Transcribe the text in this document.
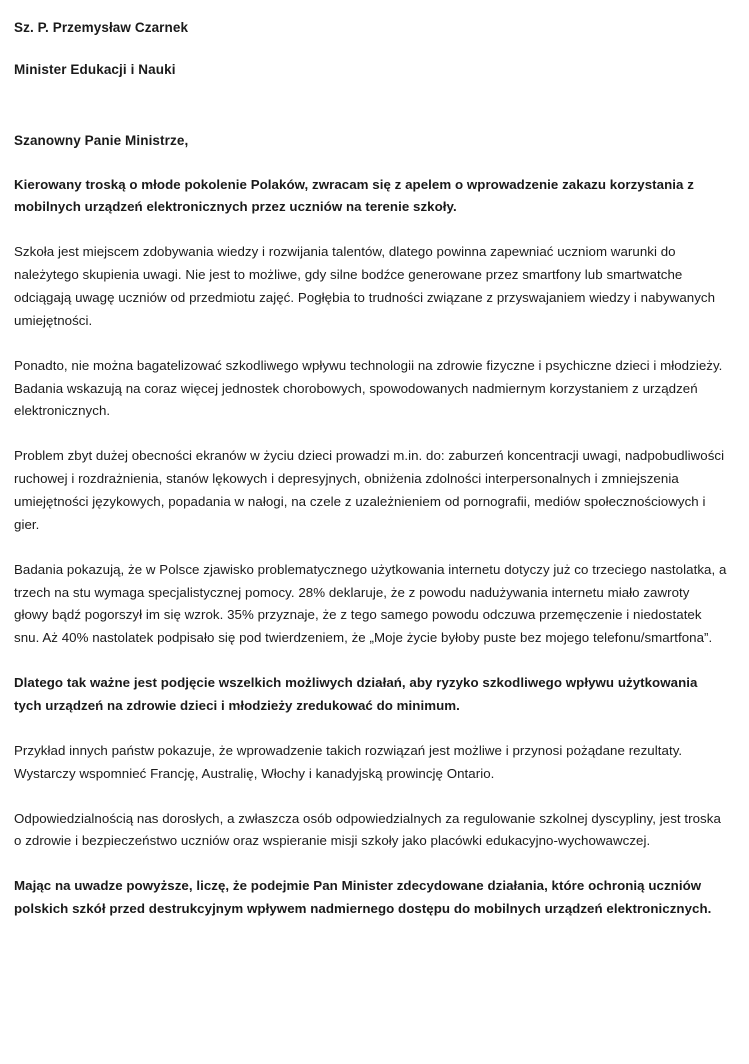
Sz. P. Przemysław Czarnek
Minister Edukacji i Nauki
Szanowny Panie Ministrze,

Kierowany troską o młode pokolenie Polaków, zwracam się z apelem o wprowadzenie zakazu korzystania z mobilnych urządzeń elektronicznych przez uczniów na terenie szkoły.

Szkoła jest miejscem zdobywania wiedzy i rozwijania talentów, dlatego powinna zapewniać uczniom warunki do należytego skupienia uwagi. Nie jest to możliwe, gdy silne bodźce generowane przez smartfony lub smartwatche odciągają uwagę uczniów od przedmiotu zajęć. Pogłębia to trudności związane z przyswajaniem wiedzy i nabywanych umiejętności.

Ponadto, nie można bagatelizować szkodliwego wpływu technologii na zdrowie fizyczne i psychiczne dzieci i młodzieży. Badania wskazują na coraz więcej jednostek chorobowych, spowodowanych nadmiernym korzystaniem z urządzeń elektronicznych.

Problem zbyt dużej obecności ekranów w życiu dzieci prowadzi m.in. do: zaburzeń koncentracji uwagi, nadpobudliwości ruchowej i rozdrażnienia, stanów lękowych i depresyjnych, obniżenia zdolności interpersonalnych i zmniejszenia umiejętności językowych, popadania w nałogi, na czele z uzależnieniem od pornografii, mediów społecznościowych i gier.

Badania pokazują, że w Polsce zjawisko problematycznego użytkowania internetu dotyczy już co trzeciego nastolatka, a trzech na stu wymaga specjalistycznej pomocy. 28% deklaruje, że z powodu nadużywania internetu miało zawroty głowy bądź pogorszył im się wzrok. 35% przyznaje, że z tego samego powodu odczuwa przemęczenie i niedostatek snu. Aż 40% nastolatek podpisało się pod twierdzeniem, że „Moje życie byłoby puste bez mojego telefonu/smartfona”.

Dlatego tak ważne jest podjęcie wszelkich możliwych działań, aby ryzyko szkodliwego wpływu użytkowania tych urządzeń na zdrowie dzieci i młodzieży zredukować do minimum.

Przykład innych państw pokazuje, że wprowadzenie takich rozwiązań jest możliwe i przynosi pożądane rezultaty. Wystarczy wspomnieć Francję, Australię, Włochy i kanadyjską prowincję Ontario.

Odpowiedzialnością nas dorosłych, a zwłaszcza osób odpowiedzialnych za regulowanie szkolnej dyscypliny, jest troska o zdrowie i bezpieczeństwo uczniów oraz wspieranie misji szkoły jako placówki edukacyjno-wychowawczej.

Mając na uwadze powyższe, liczę, że podejmie Pan Minister zdecydowane działania, które ochronią uczniów polskich szkół przed destrukcyjnym wpływem nadmiernego dostępu do mobilnych urządzeń elektronicznych.
